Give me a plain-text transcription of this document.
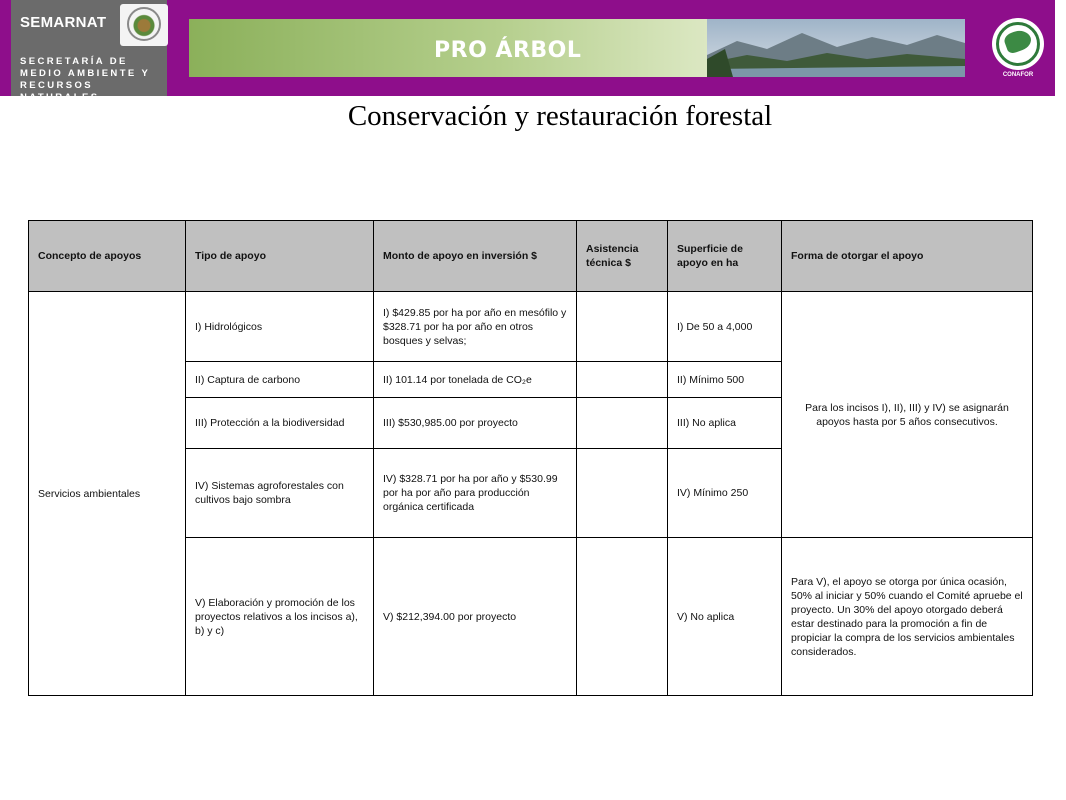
SEMARNAT
SECRETARÍA DE
MEDIO AMBIENTE Y
RECURSOS NATURALES
PRO ÁRBOL
CONAFOR
Conservación y restauración forestal
Concepto de apoyos	Tipo de apoyo	Monto de apoyo en inversión $	Asistencia técnica $	Superficie de apoyo en ha	Forma de otorgar el apoyo
Servicios ambientales	I) Hidrológicos	I) $429.85 por ha por año en mesófilo y $328.71 por ha por año en otros bosques y selvas;		I) De 50 a 4,000	Para los incisos I), II), III) y IV) se asignarán apoyos hasta por 5 años consecutivos.
	II) Captura de carbono	II) 101.14 por tonelada de CO₂e		II) Mínimo 500	
	III) Protección a la biodiversidad	III) $530,985.00 por proyecto		III) No aplica	
	IV) Sistemas agroforestales con cultivos bajo sombra	IV) $328.71 por ha por año y $530.99 por ha por año para producción orgánica certificada		IV) Mínimo 250	
	V) Elaboración y promoción de los proyectos relativos a los incisos a), b) y c)	V) $212,394.00 por proyecto		V) No aplica	Para V), el apoyo se otorga por única ocasión, 50% al iniciar y 50% cuando el Comité apruebe el proyecto. Un 30% del apoyo otorgado deberá estar destinado para la promoción a fin de propiciar la compra de los servicios ambientales considerados.
